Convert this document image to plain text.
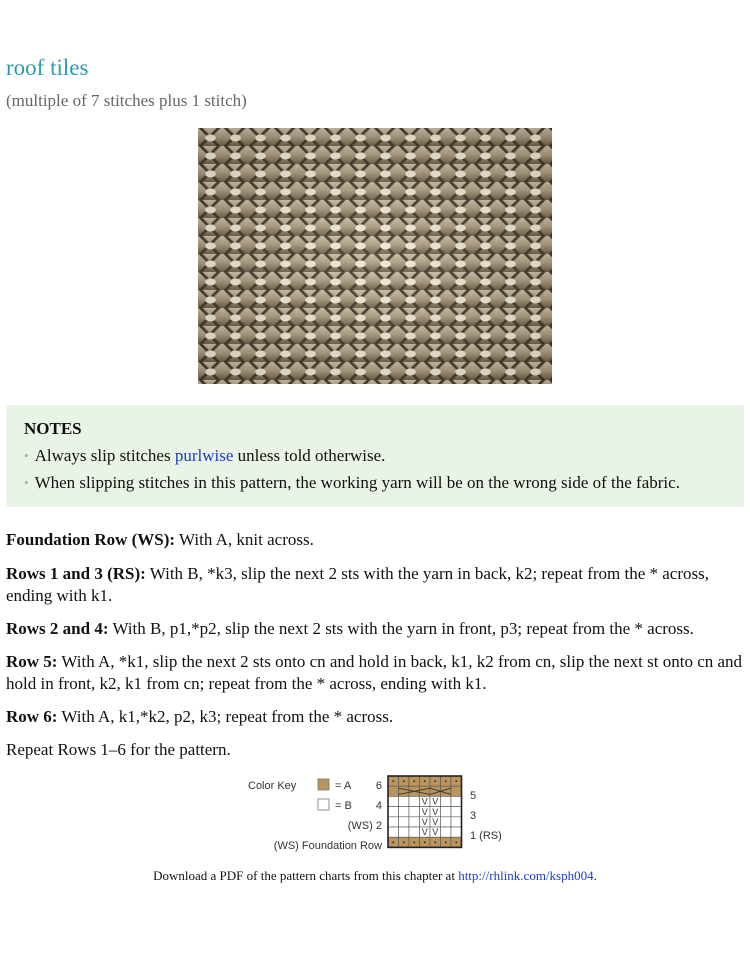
roof tiles

(multiple of 7 stitches plus 1 stitch)

NOTES
• Always slip stitches purlwise unless told otherwise.
• When slipping stitches in this pattern, the working yarn will be on the wrong side of the fabric.

Foundation Row (WS): With A, knit across.

Rows 1 and 3 (RS): With B, *k3, slip the next 2 sts with the yarn in back, k2; repeat from the * across, ending with k1.

Rows 2 and 4: With B, p1,*p2, slip the next 2 sts with the yarn in front, p3; repeat from the * across.

Row 5: With A, *k1, slip the next 2 sts onto cn and hold in back, k1, k2 from cn, slip the next st onto cn and hold in front, k2, k1 from cn; repeat from the * across, ending with k1.

Row 6: With A, k1,*k2, p2, k3; repeat from the * across.

Repeat Rows 1–6 for the pattern.

Color Key	= A
= B
6
4
(WS) 2
(WS) Foundation Row
V
V
V
V
V V
V V
5
3
1 (RS)

Download a PDF of the pattern charts from this chapter at http://rhlink.com/ksph004.
